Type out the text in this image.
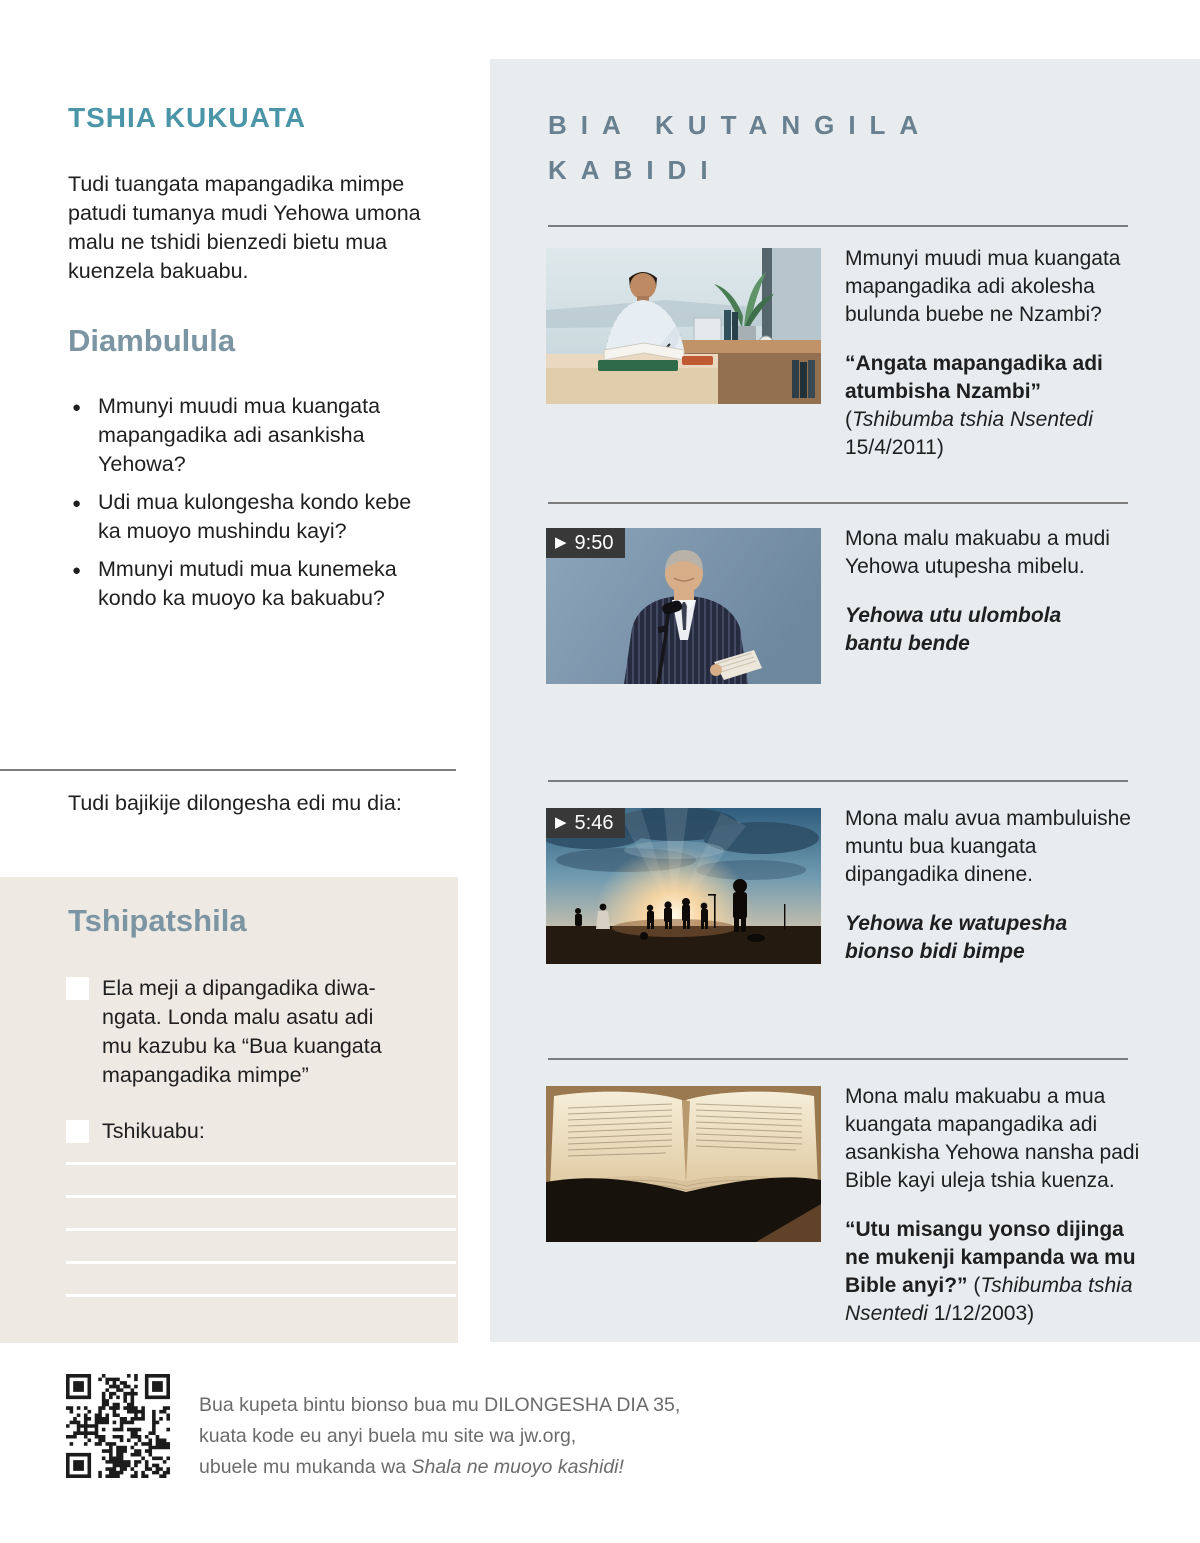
TSHIA KUKUATA
Tudi tuangata mapangadika mimpe patudi tumanya mudi Yehowa umona malu ne tshidi bienzedi bietu mua kuenzela bakuabu.
Diambulula
● Mmunyi muudi mua kuangata mapangadika adi asankisha Yehowa?
● Udi mua kulongesha kondo kebe ka muoyo mushindu kayi?
● Mmunyi mutudi mua kunemeka kondo ka muoyo ka bakuabu?
Tudi bajikije dilongesha edi mu dia:
Tshipatshila
Ela meji a dipangadika diwa-ngata. Londa malu asatu adi mu kazubu ka “Bua kuangata mapangadika mimpe”
Tshikuabu:
Bua kupeta bintu bionso bua mu DILONGESHA DIA 35,
kuata kode eu anyi buela mu site wa jw.org,
ubuele mu mukanda wa Shala ne muoyo kashidi!
BIA KUTANGILA
KABIDI

Mmunyi muudi mua kuangata mapangadika adi akolesha bulunda buebe ne Nzambi?

“Angata mapangadika adi atumbisha Nzambi” (Tshibumba tshia Nsentedi 15/4/2011)

▶ 9:50	Mona malu makuabu a mudi Yehowa utupesha mibelu.

Yehowa utu ulombola bantu bende

▶ 5:46	Mona malu avua mambuluishe muntu bua kuangata dipangadika dinene.

Yehowa ke watupesha bionso bidi bimpe

Mona malu makuabu a mua kuangata mapangadika adi asankisha Yehowa nansha padi Bible kayi uleja tshia kuenza.

“Utu misangu yonso dijinga ne mukenji kampanda wa mu Bible anyi?” (Tshibumba tshia Nsentedi 1/12/2003)
